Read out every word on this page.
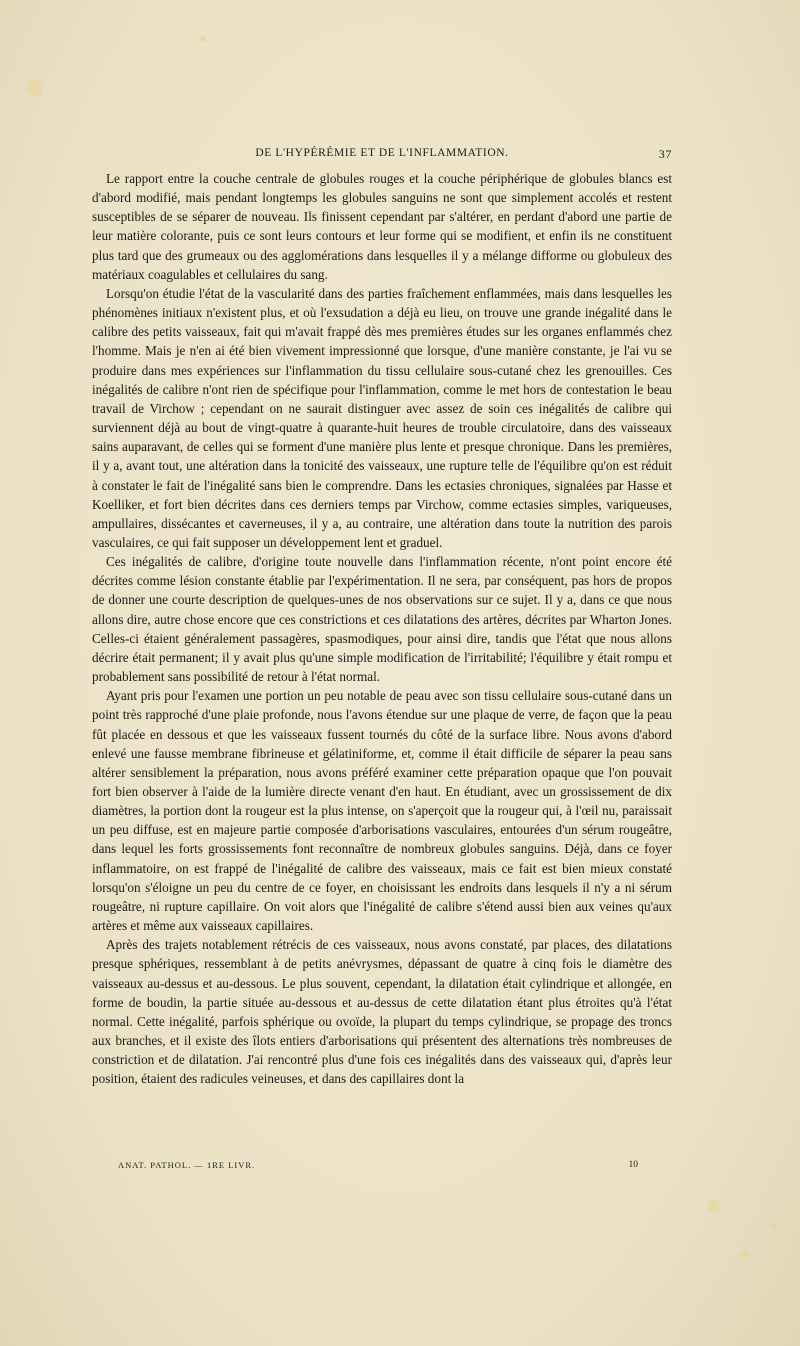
DE L'HYPÉRÉMIE ET DE L'INFLAMMATION.	37

Le rapport entre la couche centrale de globules rouges et la couche périphérique de globules blancs est d'abord modifié, mais pendant longtemps les globules sanguins ne sont que simplement accolés et restent susceptibles de se séparer de nouveau. Ils finissent cependant par s'altérer, en perdant d'abord une partie de leur matière colorante, puis ce sont leurs contours et leur forme qui se modifient, et enfin ils ne constituent plus tard que des grumeaux ou des agglomérations dans lesquelles il y a mélange difforme ou globuleux des matériaux coagulables et cellulaires du sang.

Lorsqu'on étudie l'état de la vascularité dans des parties fraîchement enflammées, mais dans lesquelles les phénomènes initiaux n'existent plus, et où l'exsudation a déjà eu lieu, on trouve une grande inégalité dans le calibre des petits vaisseaux, fait qui m'avait frappé dès mes premières études sur les organes enflammés chez l'homme. Mais je n'en ai été bien vivement impressionné que lorsque, d'une manière constante, je l'ai vu se produire dans mes expériences sur l'inflammation du tissu cellulaire sous-cutané chez les grenouilles. Ces inégalités de calibre n'ont rien de spécifique pour l'inflammation, comme le met hors de contestation le beau travail de Virchow ; cependant on ne saurait distinguer avec assez de soin ces inégalités de calibre qui surviennent déjà au bout de vingt-quatre à quarante-huit heures de trouble circulatoire, dans des vaisseaux sains auparavant, de celles qui se forment d'une manière plus lente et presque chronique. Dans les premières, il y a, avant tout, une altération dans la tonicité des vaisseaux, une rupture telle de l'équilibre qu'on est réduit à constater le fait de l'inégalité sans bien le comprendre. Dans les ectasies chroniques, signalées par Hasse et Koelliker, et fort bien décrites dans ces derniers temps par Virchow, comme ectasies simples, variqueuses, ampullaires, dissécantes et caverneuses, il y a, au contraire, une altération dans toute la nutrition des parois vasculaires, ce qui fait supposer un développement lent et graduel.

Ces inégalités de calibre, d'origine toute nouvelle dans l'inflammation récente, n'ont point encore été décrites comme lésion constante établie par l'expérimentation. Il ne sera, par conséquent, pas hors de propos de donner une courte description de quelques-unes de nos observations sur ce sujet. Il y a, dans ce que nous allons dire, autre chose encore que ces constrictions et ces dilatations des artères, décrites par Wharton Jones. Celles-ci étaient généralement passagères, spasmodiques, pour ainsi dire, tandis que l'état que nous allons décrire était permanent; il y avait plus qu'une simple modification de l'irritabilité; l'équilibre y était rompu et probablement sans possibilité de retour à l'état normal.

Ayant pris pour l'examen une portion un peu notable de peau avec son tissu cellulaire sous-cutané dans un point très rapproché d'une plaie profonde, nous l'avons étendue sur une plaque de verre, de façon que la peau fût placée en dessous et que les vaisseaux fussent tournés du côté de la surface libre. Nous avons d'abord enlevé une fausse membrane fibrineuse et gélatiniforme, et, comme il était difficile de séparer la peau sans altérer sensiblement la préparation, nous avons préféré examiner cette préparation opaque que l'on pouvait fort bien observer à l'aide de la lumière directe venant d'en haut. En étudiant, avec un grossissement de dix diamètres, la portion dont la rougeur est la plus intense, on s'aperçoit que la rougeur qui, à l'œil nu, paraissait un peu diffuse, est en majeure partie composée d'arborisations vasculaires, entourées d'un sérum rougeâtre, dans lequel les forts grossissements font reconnaître de nombreux globules sanguins. Déjà, dans ce foyer inflammatoire, on est frappé de l'inégalité de calibre des vaisseaux, mais ce fait est bien mieux constaté lorsqu'on s'éloigne un peu du centre de ce foyer, en choisissant les endroits dans lesquels il n'y a ni sérum rougeâtre, ni rupture capillaire. On voit alors que l'inégalité de calibre s'étend aussi bien aux veines qu'aux artères et même aux vaisseaux capillaires.

Après des trajets notablement rétrécis de ces vaisseaux, nous avons constaté, par places, des dilatations presque sphériques, ressemblant à de petits anévrysmes, dépassant de quatre à cinq fois le diamètre des vaisseaux au-dessus et au-dessous. Le plus souvent, cependant, la dilatation était cylindrique et allongée, en forme de boudin, la partie située au-dessous et au-dessus de cette dilatation étant plus étroites qu'à l'état normal. Cette inégalité, parfois sphérique ou ovoïde, la plupart du temps cylindrique, se propage des troncs aux branches, et il existe des îlots entiers d'arborisations qui présentent des alternations très nombreuses de constriction et de dilatation. J'ai rencontré plus d'une fois ces inégalités dans des vaisseaux qui, d'après leur position, étaient des radicules veineuses, et dans des capillaires dont la

ANAT. PATHOL. — 1RE LIVR.	10
